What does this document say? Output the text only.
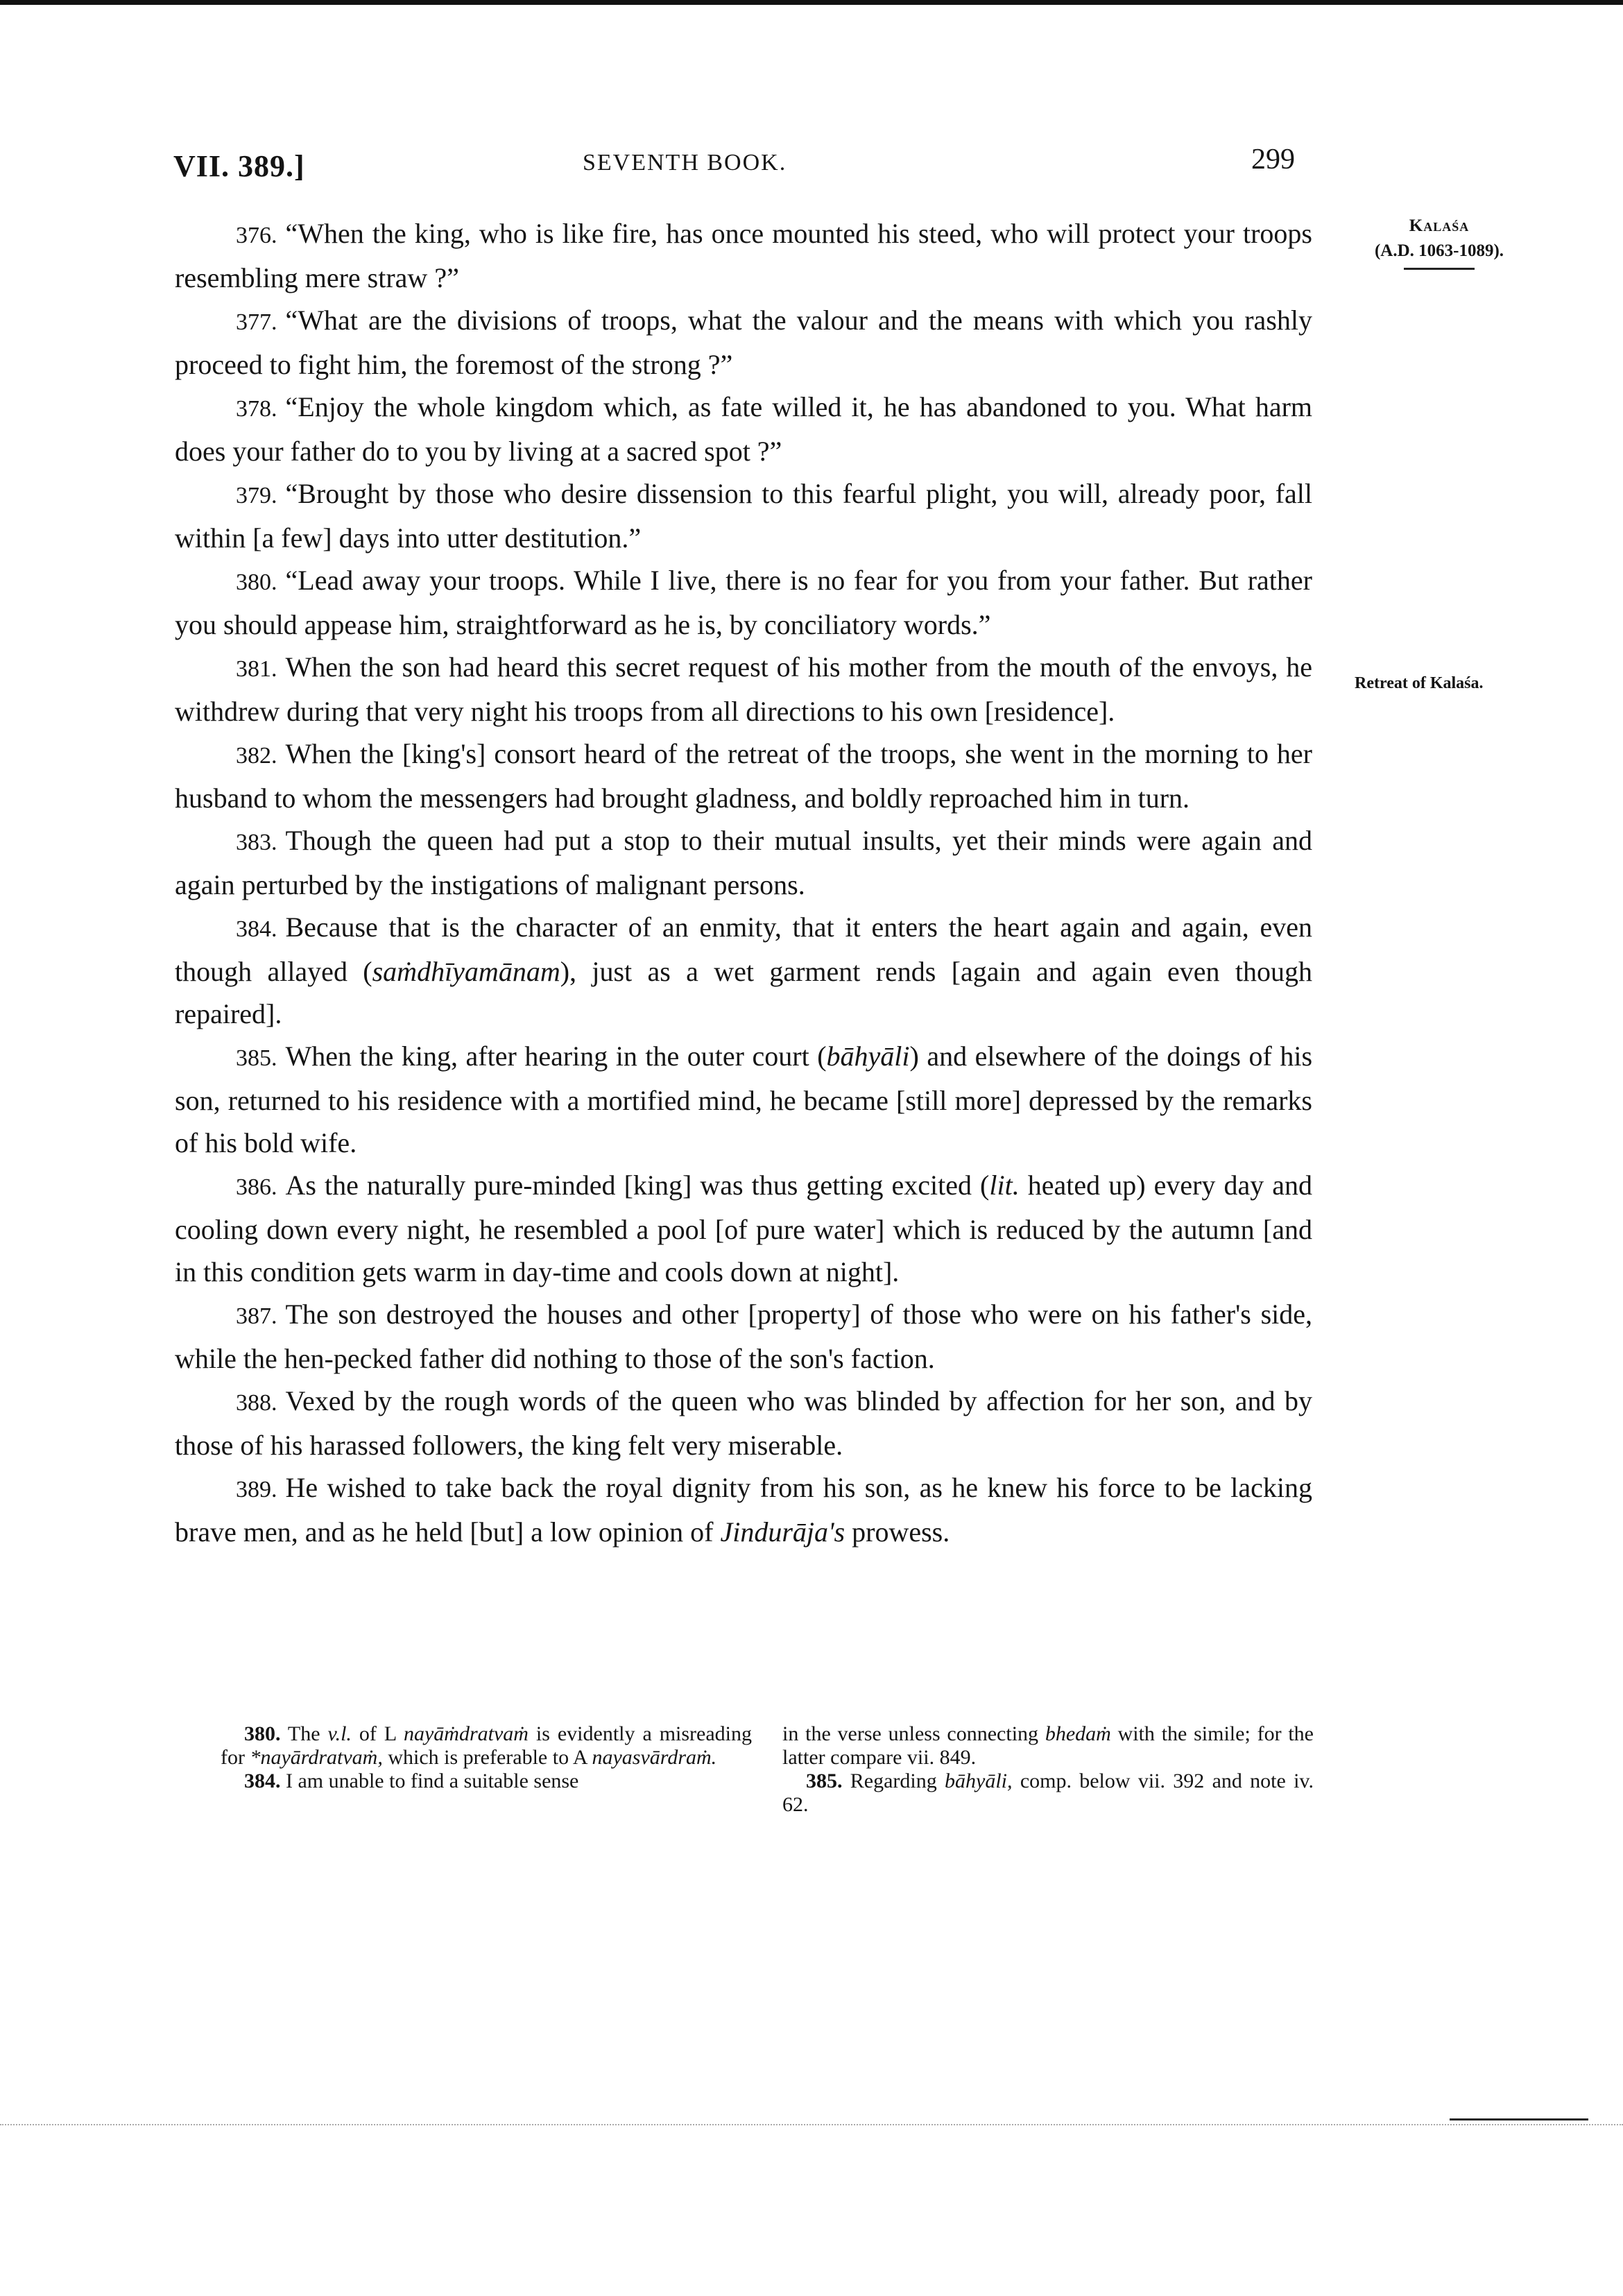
VII. 389.]	SEVENTH BOOK.	299
Kalaśa
(A.D. 1063-1089).
Retreat of Kalaśa.

376. “When the king, who is like fire, has once mounted his steed, who will protect your troops resembling mere straw ?”

377. “What are the divisions of troops, what the valour and the means with which you rashly proceed to fight him, the foremost of the strong ?”

378. “Enjoy the whole kingdom which, as fate willed it, he has abandoned to you. What harm does your father do to you by living at a sacred spot ?”

379. “Brought by those who desire dissension to this fearful plight, you will, already poor, fall within [a few] days into utter destitution.”

380. “Lead away your troops. While I live, there is no fear for you from your father. But rather you should appease him, straightforward as he is, by conciliatory words.”

381. When the son had heard this secret request of his mother from the mouth of the envoys, he withdrew during that very night his troops from all directions to his own [residence].

382. When the [king's] consort heard of the retreat of the troops, she went in the morning to her husband to whom the messengers had brought gladness, and boldly reproached him in turn.

383. Though the queen had put a stop to their mutual insults, yet their minds were again and again perturbed by the instigations of malignant persons.

384. Because that is the character of an enmity, that it enters the heart again and again, even though allayed (saṁdhīyamānam), just as a wet garment rends [again and again even though repaired].

385. When the king, after hearing in the outer court (bāhyāli) and elsewhere of the doings of his son, returned to his residence with a mortified mind, he became [still more] depressed by the remarks of his bold wife.

386. As the naturally pure-minded [king] was thus getting excited (lit. heated up) every day and cooling down every night, he resembled a pool [of pure water] which is reduced by the autumn [and in this condition gets warm in day-time and cools down at night].

387. The son destroyed the houses and other [property] of those who were on his father's side, while the hen-pecked father did nothing to those of the son's faction.

388. Vexed by the rough words of the queen who was blinded by affection for her son, and by those of his harassed followers, the king felt very miserable.

389. He wished to take back the royal dignity from his son, as he knew his force to be lacking brave men, and as he held [but] a low opinion of Jindurāja's prowess.

380. The v.l. of L nayāṁdratvaṁ is evidently a misreading for *nayārdratvaṁ, which is preferable to A nayasvārdraṁ.

384. I am unable to find a suitable sense

in the verse unless connecting bhedaṁ with the simile; for the latter compare vii. 849.

385. Regarding bāhyāli, comp. below vii. 392 and note iv. 62.
